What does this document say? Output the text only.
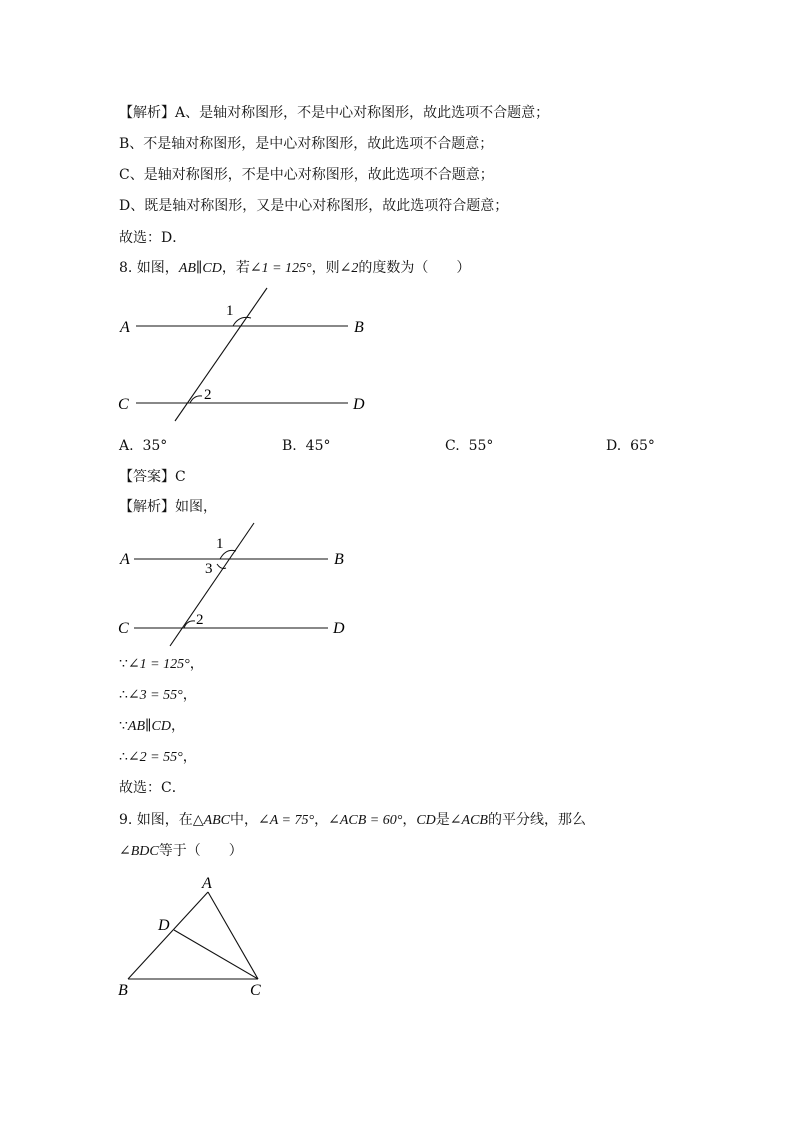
【解析】A、是轴对称图形，不是中心对称图形，故此选项不合题意；
B、不是轴对称图形，是中心对称图形，故此选项不合题意；
C、是轴对称图形，不是中心对称图形，故此选项不合题意；
D、既是轴对称图形，又是中心对称图形，故此选项符合题意；
故选：D．
8. 如图，AB∥CD，若∠1 = 125°，则∠2的度数为（　　）
A	B
C	D
1
2
A. 35°	B. 45°	C. 55°	D. 65°
【答案】C
【解析】如图，
A	B
C	D
1
3
2
∵∠1 = 125°，
∴∠3 = 55°，
∵AB∥CD，
∴∠2 = 55°，
故选：C．
9. 如图，在△ABC中，∠A = 75°，∠ACB = 60°，CD是∠ACB的平分线，那么
∠BDC等于（　　）
A
B	C
D
